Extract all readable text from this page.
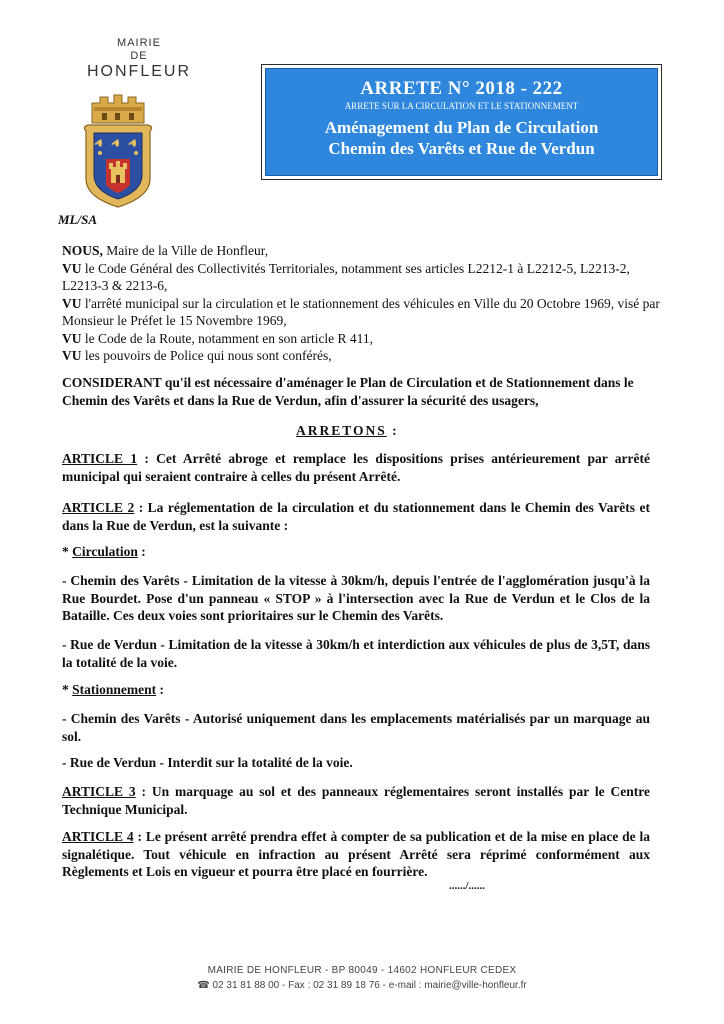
MAIRIE
DE
HONFLEUR
ML/SA
ARRETE N° 2018 - 222
ARRETE SUR LA CIRCULATION ET LE STATIONNEMENT
Aménagement du Plan de Circulation
Chemin des Varêts et Rue de Verdun

NOUS, Maire de la Ville de Honfleur,

VU le Code Général des Collectivités Territoriales, notamment ses articles L2212-1 à L2212-5, L2213-2, L2213-3 & 2213-6,

VU l'arrêté municipal sur la circulation et le stationnement des véhicules en Ville du 20 Octobre 1969, visé par Monsieur le Préfet le 15 Novembre 1969,

VU le Code de la Route, notamment en son article R 411,

VU les pouvoirs de Police qui nous sont conférés,

CONSIDERANT qu'il est nécessaire d'aménager le Plan de Circulation et de Stationnement dans le Chemin des Varêts et dans la Rue de Verdun, afin d'assurer la sécurité des usagers,
ARRETONS :

ARTICLE 1 : Cet Arrêté abroge et remplace les dispositions prises antérieurement par arrêté municipal qui seraient contraire à celles du présent Arrêté.

ARTICLE 2 : La réglementation de la circulation et du stationnement dans le Chemin des Varêts et dans la Rue de Verdun, est la suivante :

* Circulation :

- Chemin des Varêts - Limitation de la vitesse à 30km/h, depuis l'entrée de l'agglomération jusqu'à la Rue Bourdet. Pose d'un panneau « STOP » à l'intersection avec la Rue de Verdun et le Clos de la Bataille. Ces deux voies sont prioritaires sur le Chemin des Varêts.

- Rue de Verdun - Limitation de la vitesse à 30km/h et interdiction aux véhicules de plus de 3,5T, dans la totalité de la voie.

* Stationnement :

- Chemin des Varêts - Autorisé uniquement dans les emplacements matérialisés par un marquage au sol.

- Rue de Verdun - Interdit sur la totalité de la voie.

ARTICLE 3 : Un marquage au sol et des panneaux réglementaires seront installés par le Centre Technique Municipal.

ARTICLE 4 : Le présent arrêté prendra effet à compter de sa publication et de la mise en place de la signalétique. Tout véhicule en infraction au présent Arrêté sera réprimé conformément aux Règlements et Lois en vigueur et pourra être placé en fourrière.

....../......
MAIRIE DE HONFLEUR - BP 80049 - 14602 HONFLEUR CEDEX
☎ 02 31 81 88 00 - Fax : 02 31 89 18 76 - e-mail : mairie@ville-honfleur.fr
